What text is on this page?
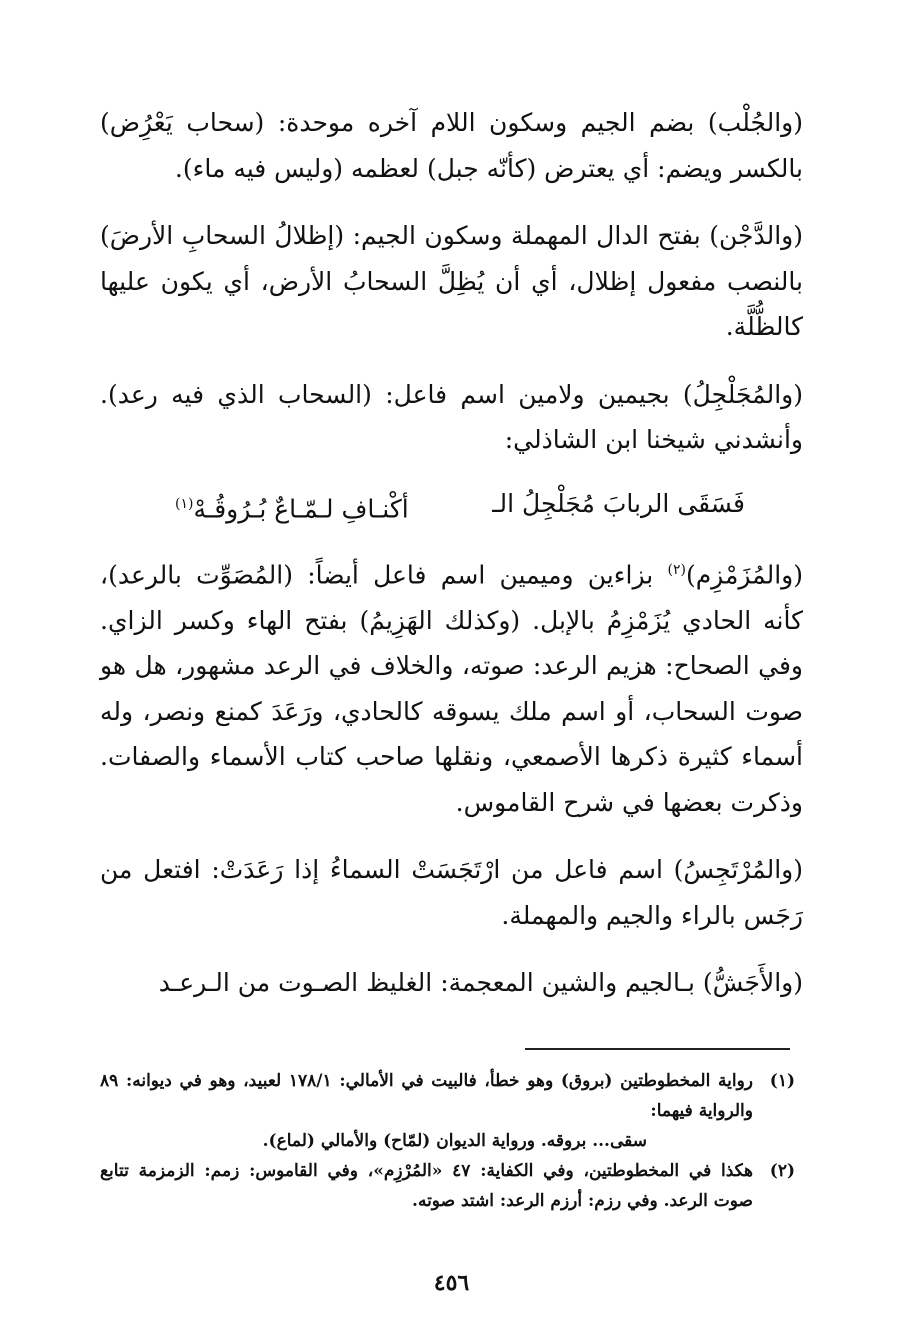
(والجُلْب) بضم الجيم وسكون اللام آخره موحدة: (سحاب يَعْرُِض) بالكسر ويضم: أي يعترض (كأنّه جبل) لعظمه (وليس فيه ماء).

(والدَّجْن) بفتح الدال المهملة وسكون الجيم: (إظلالُ السحابِ الأرضَ) بالنصب مفعول إظلال، أي أن يُظِلَّ السحابُ الأرض، أي يكون عليها كالظُّلَّة.

(والمُجَلْجِلُ) بجيمين ولامين اسم فاعل: (السحاب الذي فيه رعد). وأنشدني شيخنا ابن الشاذلي:

فَسَقَى الربابَ مُجَلْجِلُ الـ
أكْنـافِ لـمّـاعٌ بُـرُوقُـهْ$^{(١)}$

(والمُزَمْزِم)$^{(٢)}$ بزاءين وميمين اسم فاعل أيضاً: (المُصَوِّت بالرعد)، كأنه الحادي يُزَمْزِمُ بالإبل. (وكذلك الهَزِيمُ) بفتح الهاء وكسر الزاي. وفي الصحاح: هزيم الرعد: صوته، والخلاف في الرعد مشهور، هل هو صوت السحاب، أو اسم ملك يسوقه كالحادي، ورَعَدَ كمنع ونصر، وله أسماء كثيرة ذكرها الأصمعي، ونقلها صاحب كتاب الأسماء والصفات. وذكرت بعضها في شرح القاموس.

(والمُرْتَجِسُ) اسم فاعل من ارْتَجَسَتْ السماءُ إذا رَعَدَتْ: افتعل من رَجَس بالراء والجيم والمهملة.

(والأَجَشُّ) بـالجيم والشين المعجمة: الغليظ الصـوت من الـرعـد

(١)
رواية المخطوطتين (بروق) وهو خطأ، فالبيت في الأمالي: ١٧٨/١ لعبيد، وهو في ديوانه: ٨٩ والرواية فيهما:
سقى... بروقه. ورواية الديوان (لمّاح) والأمالي (لماع).
(٢)
هكذا في المخطوطتين، وفي الكفاية: ٤٧ «المُرْزِم»، وفي القاموس: زمم: الزمزمة تتابع صوت الرعد. وفي رزم: أرزم الرعد: اشتد صوته.
٤٥٦
